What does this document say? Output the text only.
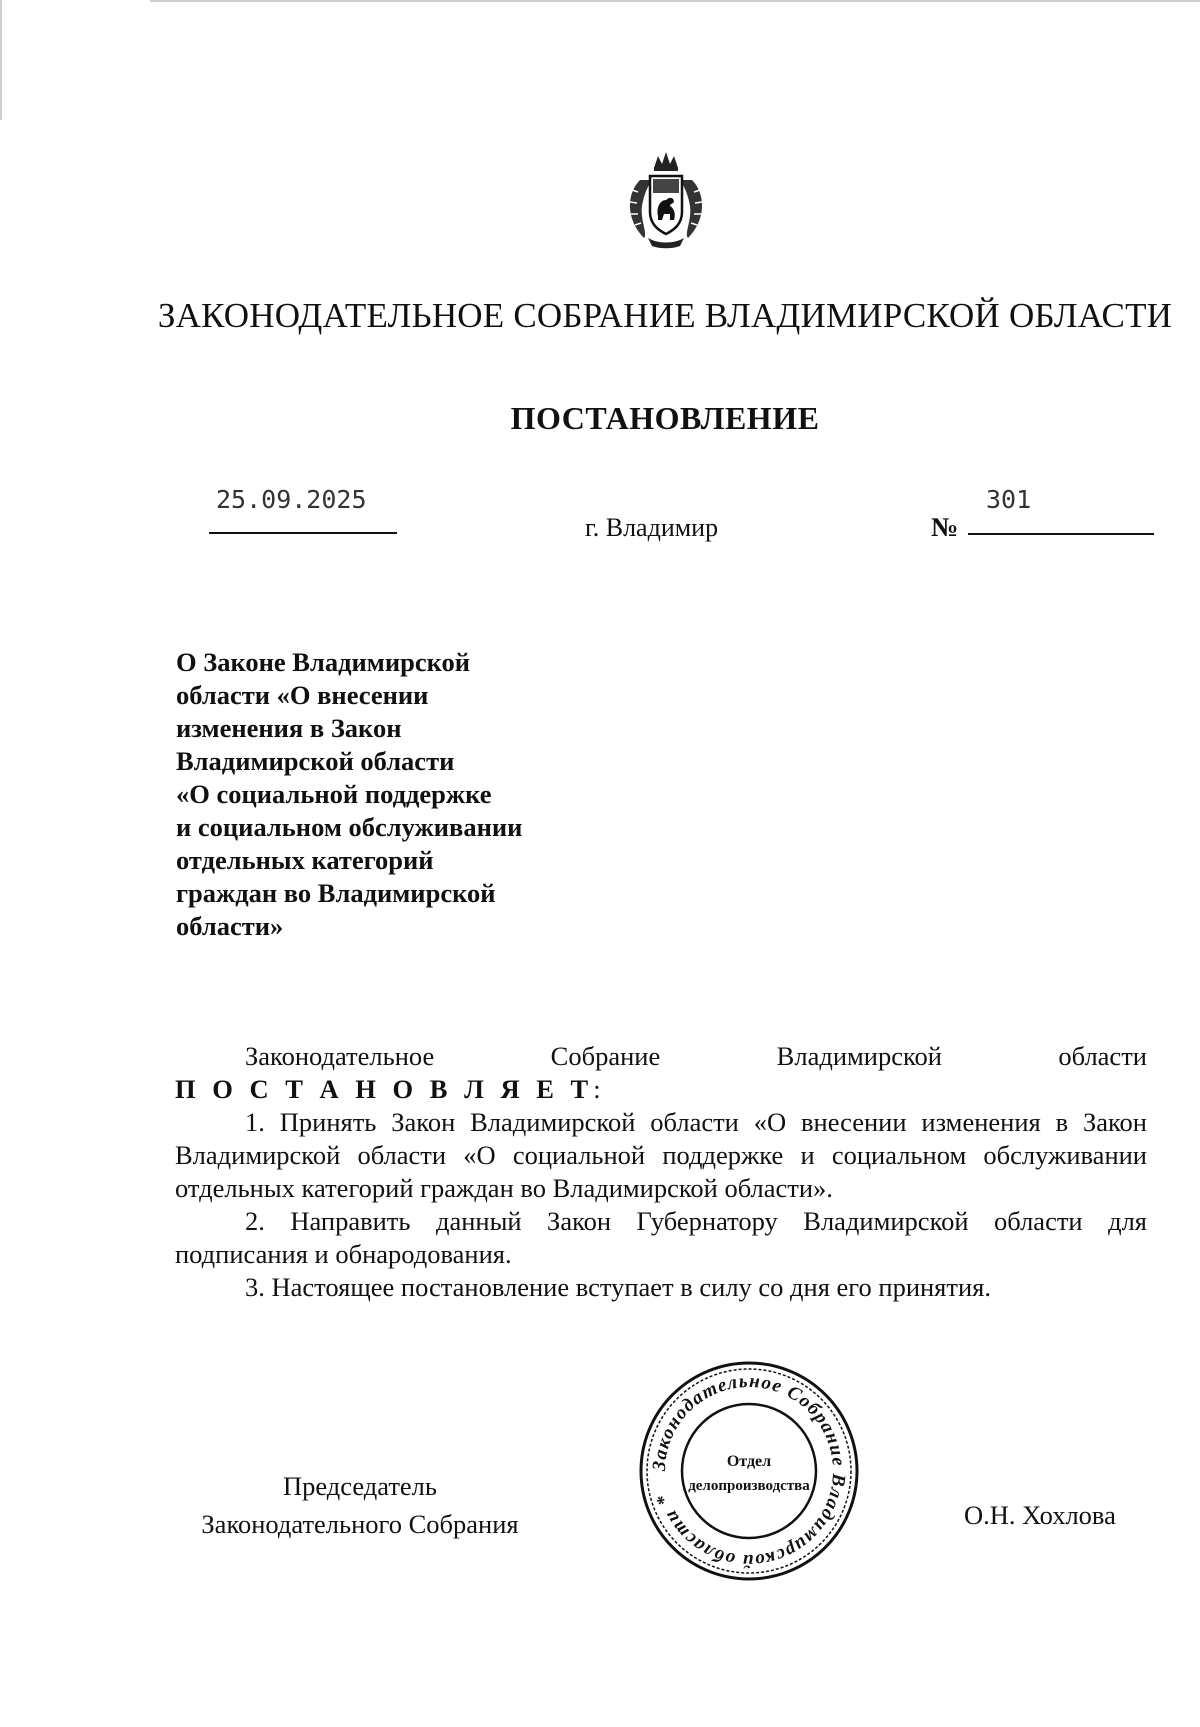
ЗАКОНОДАТЕЛЬНОЕ СОБРАНИЕ ВЛАДИМИРСКОЙ ОБЛАСТИ
ПОСТАНОВЛЕНИЕ
25.09.2025
г. Владимир
301
№
О Законе Владимирской
области «О внесении
изменения в Закон
Владимирской области
«О социальной поддержке
и социальном обслуживании
отдельных категорий
граждан во Владимирской
области»
Законодательное	Собрание	Владимирской	области
П О С Т А Н О В Л Я Е Т:

1. Принять Закон Владимирской области «О внесении изменения в Закон Владимирской области «О социальной поддержке и социальном обслуживании отдельных категорий граждан во Владимирской области».

2. Направить данный Закон Губернатору Владимирской области для подписания и обнародования.

3. Настоящее постановление вступает в силу со дня его принятия.

Председатель
Законодательного Собрания
Законодательное Собрание Владимирской области *
Отдел
делопроизводства
О.Н. Хохлова
